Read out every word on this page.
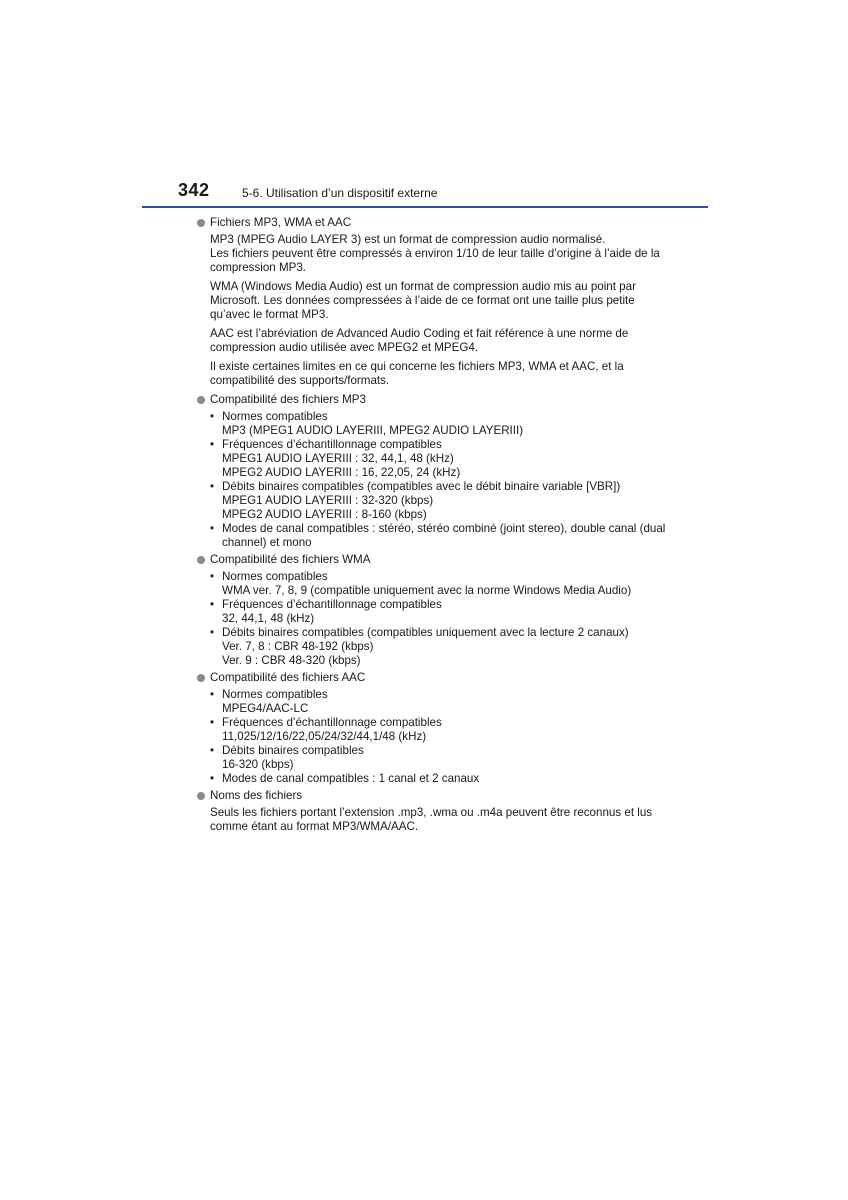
342	5-6. Utilisation d’un dispositif externe
Fichiers MP3, WMA et AAC

MP3 (MPEG Audio LAYER 3) est un format de compression audio normalisé.
Les fichiers peuvent être compressés à environ 1/10 de leur taille d’origine à l’aide de la compression MP3.

WMA (Windows Media Audio) est un format de compression audio mis au point par Microsoft. Les données compressées à l’aide de ce format ont une taille plus petite qu’avec le format MP3.

AAC est l’abréviation de Advanced Audio Coding et fait référence à une norme de compression audio utilisée avec MPEG2 et MPEG4.

Il existe certaines limites en ce qui concerne les fichiers MP3, WMA et AAC, et la compatibilité des supports/formats.

Compatibilité des fichiers MP3
• Normes compatibles
MP3 (MPEG1 AUDIO LAYERIII, MPEG2 AUDIO LAYERIII)
• Fréquences d’échantillonnage compatibles
MPEG1 AUDIO LAYERIII : 32, 44,1, 48 (kHz)
MPEG2 AUDIO LAYERIII : 16, 22,05, 24 (kHz)
• Débits binaires compatibles (compatibles avec le débit binaire variable [VBR])
MPEG1 AUDIO LAYERIII : 32-320 (kbps)
MPEG2 AUDIO LAYERIII : 8-160 (kbps)
• Modes de canal compatibles : stéréo, stéréo combiné (joint stereo), double canal (dual channel) et mono
Compatibilité des fichiers WMA
• Normes compatibles
WMA ver. 7, 8, 9 (compatible uniquement avec la norme Windows Media Audio)
• Fréquences d’échantillonnage compatibles
32, 44,1, 48 (kHz)
• Débits binaires compatibles (compatibles uniquement avec la lecture 2 canaux)
Ver. 7, 8 : CBR 48-192 (kbps)
Ver. 9 : CBR 48-320 (kbps)
Compatibilité des fichiers AAC
• Normes compatibles
MPEG4/AAC-LC
• Fréquences d’échantillonnage compatibles
11,025/12/16/22,05/24/32/44,1/48 (kHz)
• Débits binaires compatibles
16-320 (kbps)
• Modes de canal compatibles : 1 canal et 2 canaux
Noms des fichiers

Seuls les fichiers portant l’extension .mp3, .wma ou .m4a peuvent être reconnus et lus comme étant au format MP3/WMA/AAC.
